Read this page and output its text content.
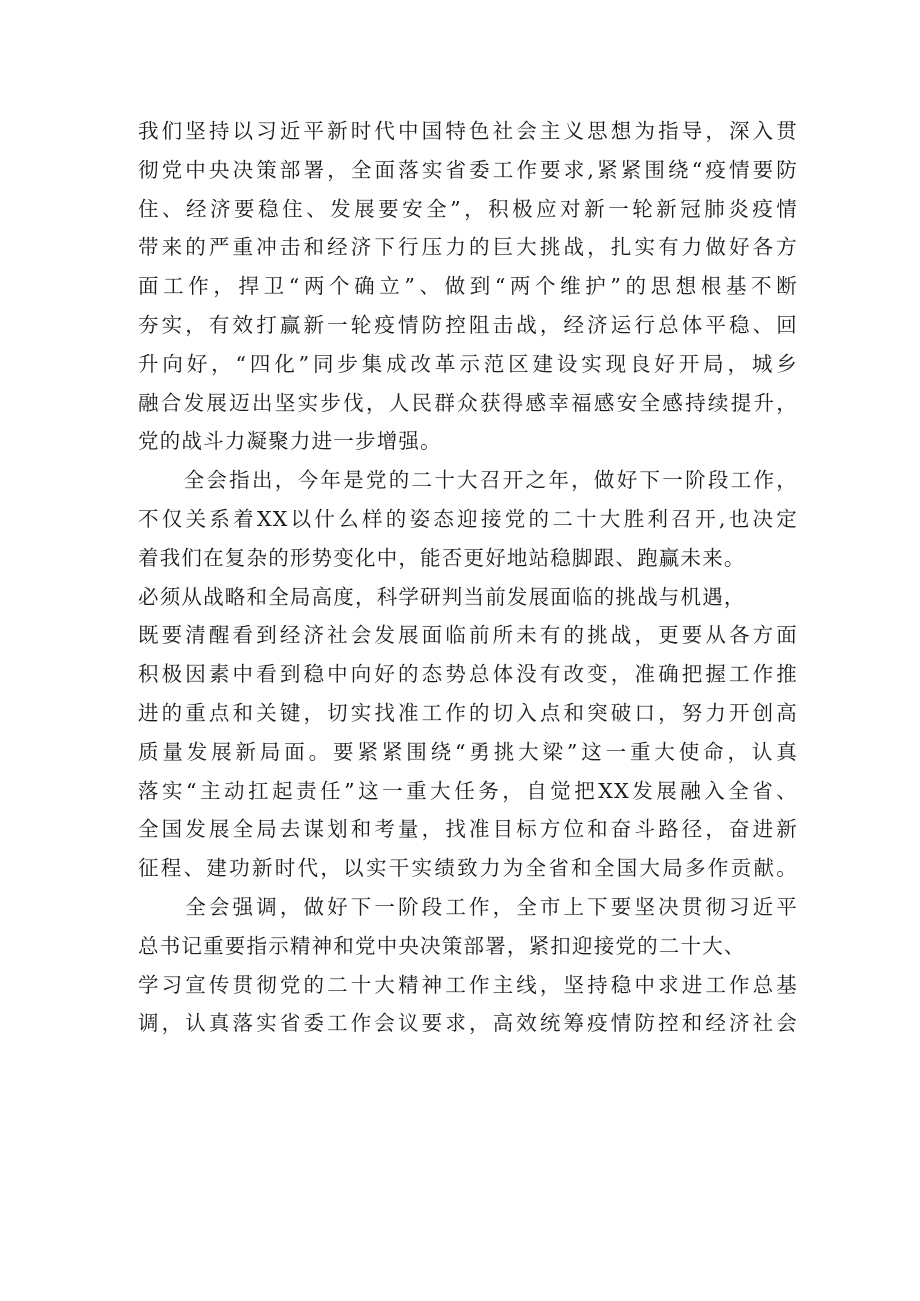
我们坚持以习近平新时代中国特色社会主义思想为指导，深入贯
彻党中央决策部署，全面落实省委工作要求,紧紧围绕“疫情要防
住、经济要稳住、发展要安全”，积极应对新一轮新冠肺炎疫情
带来的严重冲击和经济下行压力的巨大挑战，扎实有力做好各方
面工作，捍卫“两个确立”、做到“两个维护”的思想根基不断
夯实，有效打赢新一轮疫情防控阻击战，经济运行总体平稳、回
升向好，“四化”同步集成改革示范区建设实现良好开局，城乡
融合发展迈出坚实步伐，人民群众获得感幸福感安全感持续提升，
党的战斗力凝聚力进一步增强。
　　全会指出，今年是党的二十大召开之年，做好下一阶段工作，
不仅关系着XX以什么样的姿态迎接党的二十大胜利召开,也决定
着我们在复杂的形势变化中，能否更好地站稳脚跟、跑赢未来。
必须从战略和全局高度，科学研判当前发展面临的挑战与机遇，
既要清醒看到经济社会发展面临前所未有的挑战，更要从各方面
积极因素中看到稳中向好的态势总体没有改变，准确把握工作推
进的重点和关键，切实找准工作的切入点和突破口，努力开创高
质量发展新局面。要紧紧围绕“勇挑大梁”这一重大使命，认真
落实“主动扛起责任”这一重大任务，自觉把XX发展融入全省、
全国发展全局去谋划和考量，找准目标方位和奋斗路径，奋进新
征程、建功新时代，以实干实绩致力为全省和全国大局多作贡献。
　　全会强调，做好下一阶段工作，全市上下要坚决贯彻习近平
总书记重要指示精神和党中央决策部署，紧扣迎接党的二十大、
学习宣传贯彻党的二十大精神工作主线，坚持稳中求进工作总基
调，认真落实省委工作会议要求，高效统筹疫情防控和经济社会
